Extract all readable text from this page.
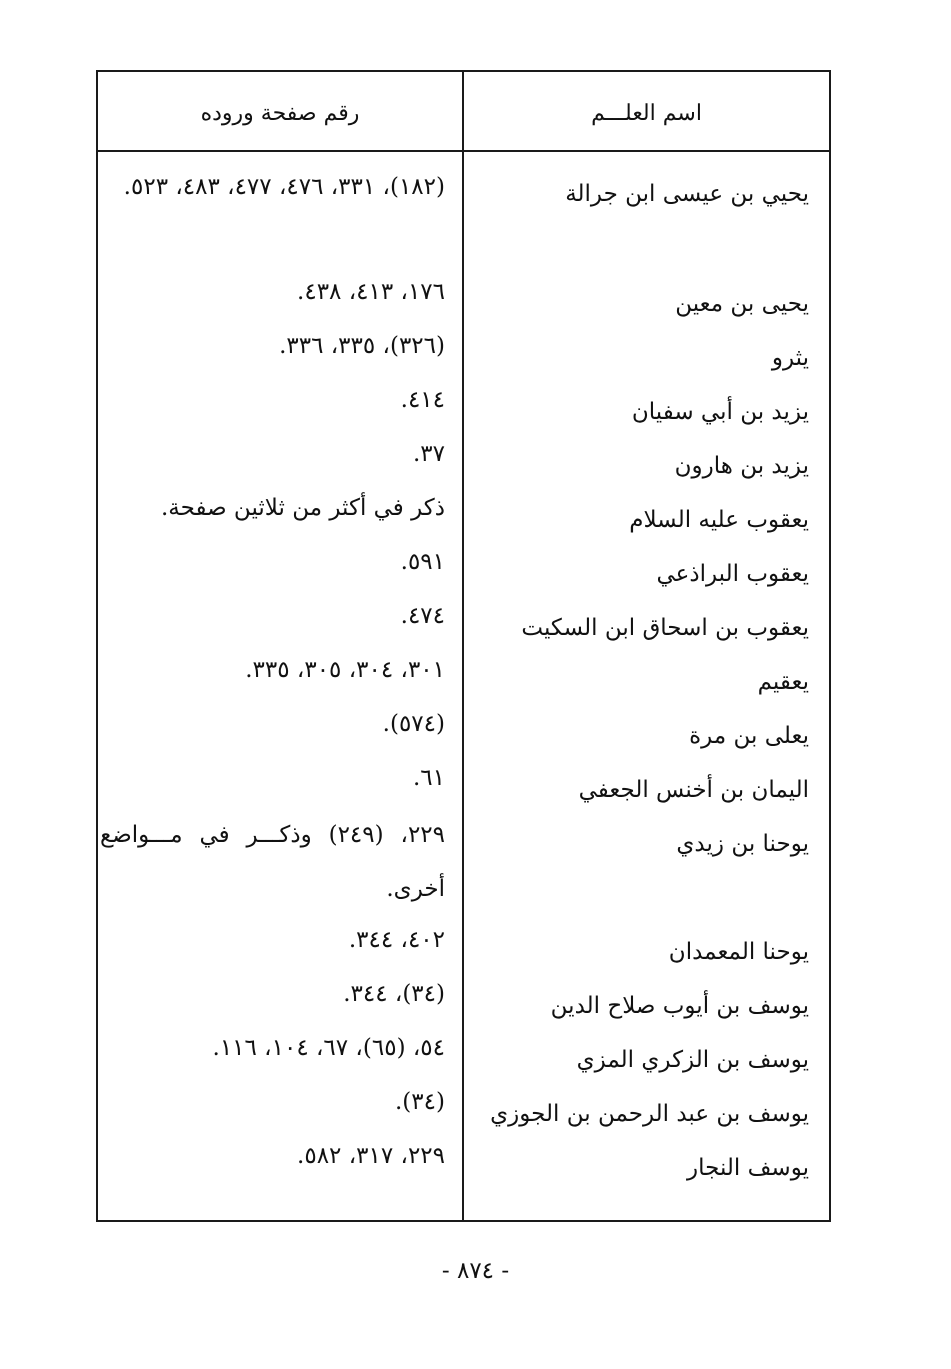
اسم العلـــم
رقم صفحة وروده
يحيي بن عيسى ابن جرالة
(١٨٢)، ٣٣١، ٤٧٦، ٤٧٧، ٤٨٣، ٥٢٣.
يحيى بن معين
١٧٦، ٤١٣، ٤٣٨.
يثرو
(٣٢٦)، ٣٣٥، ٣٣٦.
يزيد بن أبي سفيان
٤١٤.
يزيد بن هارون
٣٧.
يعقوب عليه السلام
ذكر في أكثر من ثلاثين صفحة.
يعقوب البراذعي
٥٩١.
يعقوب بن اسحاق ابن السكيت
٤٧٤.
يعقيم
٣٠١، ٣٠٤، ٣٠٥، ٣٣٥.
يعلى بن مرة
(٥٧٤).
اليمان بن أخنس الجعفي
٦١.
يوحنا بن زيدي
٢٢٩، (٢٤٩) وذكـــر في مـــواضع أخرى.
يوحنا المعمدان
٤٠٢، ٣٤٤.
يوسف بن أيوب صلاح الدين
(٣٤)، ٣٤٤.
يوسف بن الزكري المزي
٥٤، (٦٥)، ٦٧، ١٠٤، ١١٦.
يوسف بن عبد الرحمن بن الجوزي
(٣٤).
يوسف النجار
٢٢٩، ٣١٧، ٥٨٢.
- ٨٧٤ -
